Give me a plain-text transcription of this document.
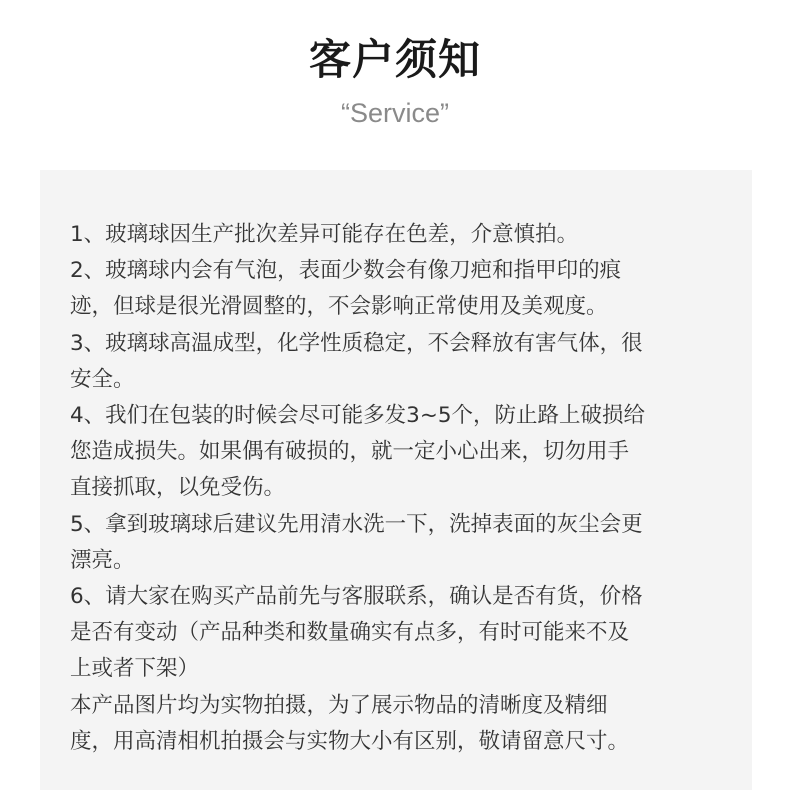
客户须知
“Service”
1、玻璃球因生产批次差异可能存在色差，介意慎拍。
2、玻璃球内会有气泡，表面少数会有像刀疤和指甲印的痕
迹，但球是很光滑圆整的，不会影响正常使用及美观度。
3、玻璃球高温成型，化学性质稳定，不会释放有害气体，很
安全。
4、我们在包装的时候会尽可能多发3~5个，防止路上破损给
您造成损失。如果偶有破损的，就一定小心出来，切勿用手
直接抓取，以免受伤。
5、拿到玻璃球后建议先用清水洗一下，洗掉表面的灰尘会更
漂亮。
6、请大家在购买产品前先与客服联系，确认是否有货，价格
是否有变动（产品种类和数量确实有点多，有时可能来不及
上或者下架）
本产品图片均为实物拍摄，为了展示物品的清晰度及精细
度，用高清相机拍摄会与实物大小有区别，敬请留意尺寸。
